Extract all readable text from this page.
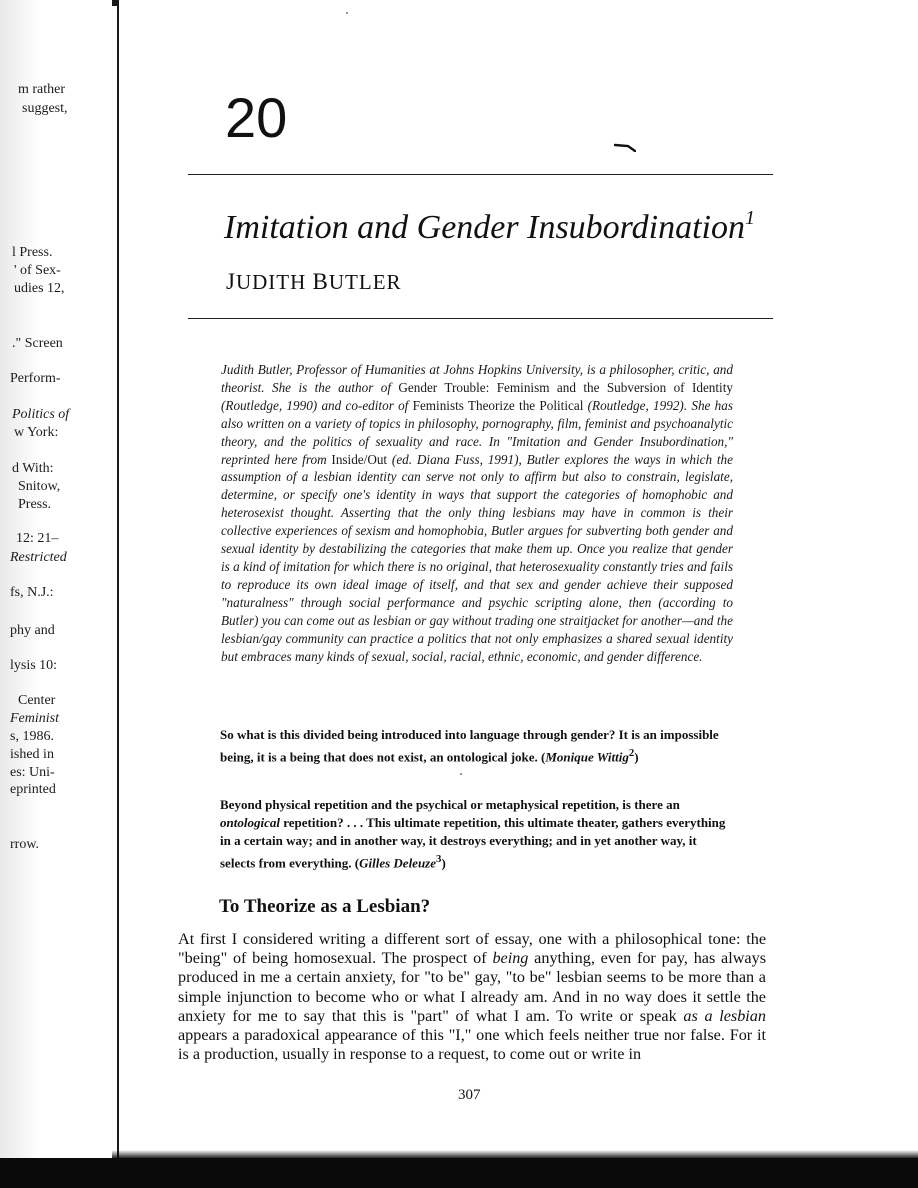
m rather
suggest,
l Press.
' of Sex-
udies 12,
." Screen
Perform-
Politics of
w York:
d With:
Snitow,
Press.
12: 21–
Restricted
fs, N.J.:
phy and
lysis 10:
Center
Feminist
s, 1986.
ished in
es: Uni-
eprinted
rrow.
20
Imitation and Gender Insubordination$^1$
JUDITH BUTLER
Judith Butler, Professor of Humanities at Johns Hopkins University, is a philosopher, critic, and theorist. She is the author of Gender Trouble: Feminism and the Subversion of Identity (Routledge, 1990) and co-editor of Feminists Theorize the Political (Routledge, 1992). She has also written on a variety of topics in philosophy, pornography, film, feminist and psychoanalytic theory, and the politics of sexuality and race. In "Imitation and Gender Insubordination," reprinted here from Inside/Out (ed. Diana Fuss, 1991), Butler explores the ways in which the assumption of a lesbian identity can serve not only to affirm but also to constrain, legislate, determine, or specify one's identity in ways that support the categories of homophobic and heterosexist thought. Asserting that the only thing lesbians may have in common is their collective experiences of sexism and homophobia, Butler argues for subverting both gender and sexual identity by destabilizing the categories that make them up. Once you realize that gender is a kind of imitation for which there is no original, that heterosexuality constantly tries and fails to reproduce its own ideal image of itself, and that sex and gender achieve their supposed "naturalness" through social performance and psychic scripting alone, then (according to Butler) you can come out as lesbian or gay without trading one straitjacket for another—and the lesbian/gay community can practice a politics that not only emphasizes a shared sexual identity but embraces many kinds of sexual, social, racial, ethnic, economic, and gender difference.
So what is this divided being introduced into language through gender? It is an impossible being, it is a being that does not exist, an ontological joke. (Monique Wittig$^2$)
Beyond physical repetition and the psychical or metaphysical repetition, is there an ontological repetition? . . . This ultimate repetition, this ultimate theater, gathers everything in a certain way; and in another way, it destroys everything; and in yet another way, it selects from everything. (Gilles Deleuze$^3$)
To Theorize as a Lesbian?
At first I considered writing a different sort of essay, one with a philosophical tone: the "being" of being homosexual. The prospect of being anything, even for pay, has always produced in me a certain anxiety, for "to be" gay, "to be" lesbian seems to be more than a simple injunction to become who or what I already am. And in no way does it settle the anxiety for me to say that this is "part" of what I am. To write or speak as a lesbian appears a paradoxical appearance of this "I," one which feels neither true nor false. For it is a production, usually in response to a request, to come out or write in
307
